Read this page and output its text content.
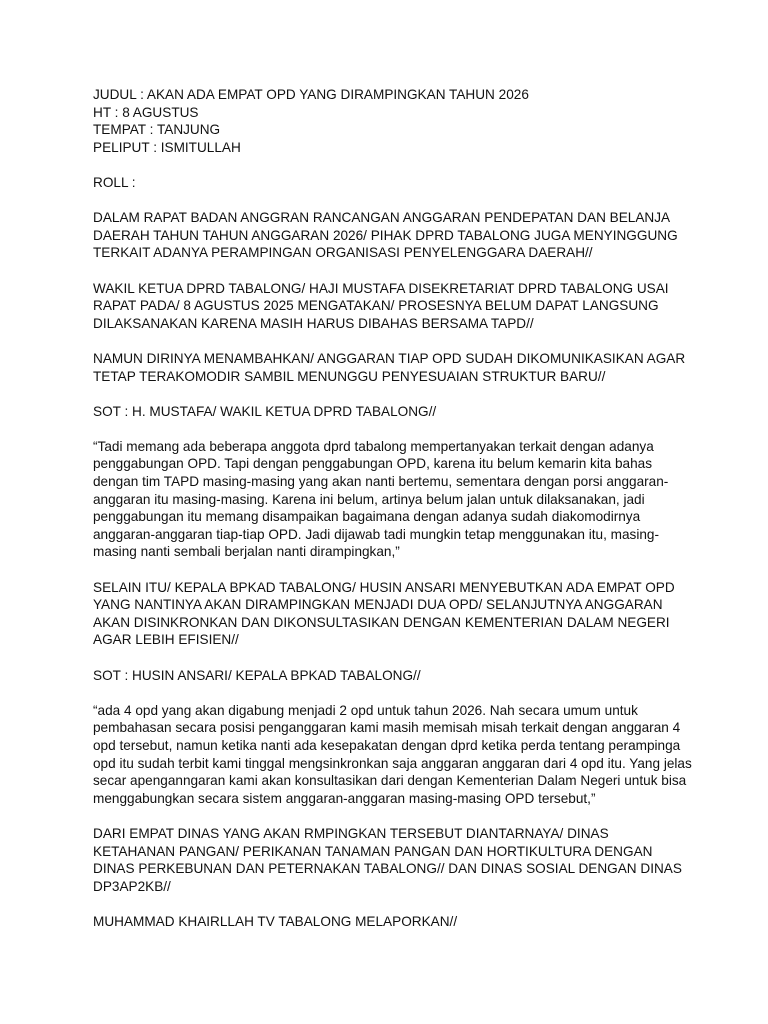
JUDUL : AKAN ADA EMPAT OPD YANG DIRAMPINGKAN TAHUN 2026
HT : 8 AGUSTUS
TEMPAT : TANJUNG
PELIPUT : ISMITULLAH
ROLL :

DALAM RAPAT BADAN ANGGRAN RANCANGAN ANGGARAN PENDEPATAN DAN BELANJA DAERAH TAHUN TAHUN ANGGARAN 2026/ PIHAK DPRD TABALONG JUGA MENYINGGUNG TERKAIT ADANYA PERAMPINGAN ORGANISASI PENYELENGGARA DAERAH//

WAKIL KETUA DPRD TABALONG/ HAJI MUSTAFA DISEKRETARIAT DPRD TABALONG USAI RAPAT PADA/ 8 AGUSTUS 2025 MENGATAKAN/ PROSESNYA BELUM DAPAT LANGSUNG DILAKSANAKAN KARENA MASIH HARUS DIBAHAS BERSAMA TAPD//

NAMUN DIRINYA MENAMBAHKAN/ ANGGARAN TIAP OPD SUDAH DIKOMUNIKASIKAN AGAR TETAP TERAKOMODIR SAMBIL MENUNGGU PENYESUAIAN STRUKTUR BARU//

SOT : H. MUSTAFA/ WAKIL KETUA DPRD TABALONG//

“Tadi memang ada beberapa anggota dprd tabalong mempertanyakan terkait dengan adanya penggabungan OPD. Tapi dengan penggabungan OPD, karena itu belum kemarin kita bahas dengan tim TAPD masing-masing yang akan nanti bertemu, sementara dengan porsi anggaran-anggaran itu masing-masing. Karena ini belum, artinya belum jalan untuk dilaksanakan, jadi penggabungan itu memang disampaikan bagaimana dengan adanya sudah diakomodirnya anggaran-anggaran tiap-tiap OPD. Jadi dijawab tadi mungkin tetap menggunakan itu, masing-masing nanti sembali berjalan nanti dirampingkan,”

SELAIN ITU/ KEPALA BPKAD TABALONG/ HUSIN ANSARI MENYEBUTKAN ADA EMPAT OPD YANG NANTINYA AKAN DIRAMPINGKAN MENJADI DUA OPD/ SELANJUTNYA ANGGARAN AKAN DISINKRONKAN DAN DIKONSULTASIKAN DENGAN KEMENTERIAN DALAM NEGERI AGAR LEBIH EFISIEN//

SOT : HUSIN ANSARI/ KEPALA BPKAD TABALONG//

“ada 4 opd yang akan digabung menjadi 2 opd untuk tahun 2026. Nah secara umum untuk pembahasan secara posisi penganggaran kami masih memisah misah terkait dengan anggaran 4 opd tersebut, namun ketika nanti ada kesepakatan dengan dprd ketika perda tentang perampinga opd itu sudah terbit kami tinggal mengsinkronkan saja anggaran anggaran dari 4 opd itu. Yang jelas secar apenganngaran kami akan konsultasikan dari dengan Kementerian Dalam Negeri untuk bisa menggabungkan secara sistem anggaran-anggaran masing-masing OPD tersebut,”

DARI EMPAT DINAS YANG AKAN RMPINGKAN TERSEBUT DIANTARNAYA/ DINAS KETAHANAN PANGAN/ PERIKANAN TANAMAN PANGAN DAN HORTIKULTURA DENGAN DINAS PERKEBUNAN DAN PETERNAKAN TABALONG// DAN DINAS SOSIAL DENGAN DINAS DP3AP2KB//

MUHAMMAD KHAIRLLAH TV TABALONG MELAPORKAN//
